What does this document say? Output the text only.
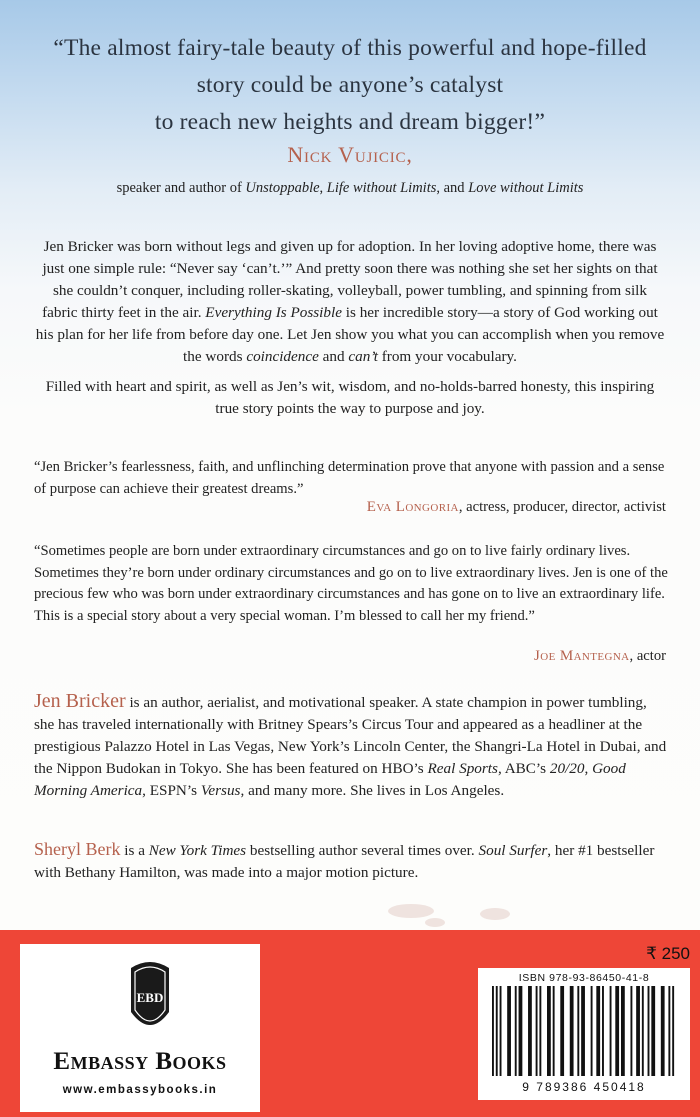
“The almost fairy-tale beauty of this powerful and hope-filled
story could be anyone’s catalyst
to reach new heights and dream bigger!”
Nick Vujicic,
speaker and author of Unstoppable, Life without Limits, and Love without Limits

Jen Bricker was born without legs and given up for adoption. In her loving adoptive home, there was just one simple rule: “Never say ‘can’t.’” And pretty soon there was nothing she set her sights on that she couldn’t conquer, including roller-skating, volleyball, power tumbling, and spinning from silk fabric thirty feet in the air. Everything Is Possible is her incredible story—a story of God working out his plan for her life from before day one. Let Jen show you what you can accomplish when you remove the words coincidence and can’t from your vocabulary.

Filled with heart and spirit, as well as Jen’s wit, wisdom, and no-holds-barred honesty, this inspiring true story points the way to purpose and joy.

“Jen Bricker’s fearlessness, faith, and unflinching determination prove that anyone with passion and a sense of purpose can achieve their greatest dreams.”

Eva Longoria, actress, producer, director, activist

“Sometimes people are born under extraordinary circumstances and go on to live fairly ordinary lives. Sometimes they’re born under ordinary circumstances and go on to live extraordinary lives. Jen is one of the precious few who was born under extraordinary circumstances and has gone on to live an extraordinary life. This is a special story about a very special woman. I’m blessed to call her my friend.”

Joe Mantegna, actor

Jen Bricker is an author, aerialist, and motivational speaker. A state champion in power tumbling, she has traveled internationally with Britney Spears’s Circus Tour and appeared as a headliner at the prestigious Palazzo Hotel in Las Vegas, New York’s Lincoln Center, the Shangri-La Hotel in Dubai, and the Nippon Budokan in Tokyo. She has been featured on HBO’s Real Sports, ABC’s 20/20, Good Morning America, ESPN’s Versus, and many more. She lives in Los Angeles.

Sheryl Berk is a New York Times bestselling author several times over. Soul Surfer, her #1 bestseller with Bethany Hamilton, was made into a major motion picture.

EBD
Embassy Books
www.embassybooks.in
₹ 250
ISBN 978-93-86450-41-8
9 789386 450418
